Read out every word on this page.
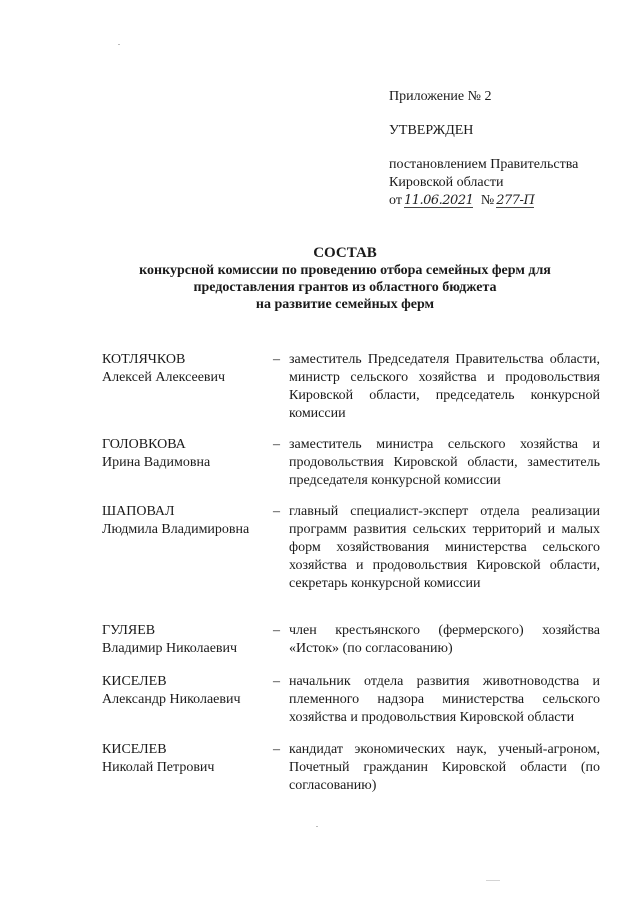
Приложение № 2
УТВЕРЖДЕН
постановлением Правительства
Кировской области
от 11.06.2021 № 277-П
СОСТАВ
конкурсной комиссии по проведению отбора семейных ферм для
предоставления грантов из областного бюджета
на развитие семейных ферм
КОТЛЯЧКОВ
Алексей Алексеевич
– заместитель Председателя Правительства области, министр сельского хозяйства и продовольствия Кировской области, председатель конкурсной комиссии
ГОЛОВКОВА
Ирина Вадимовна
– заместитель министра сельского хозяйства и продовольствия Кировской области, заместитель председателя конкурсной комиссии
ШАПОВАЛ
Людмила Владимировна
– главный специалист-эксперт отдела реализации программ развития сельских территорий и малых форм хозяйствования министерства сельского хозяйства и продовольствия Кировской области, секретарь конкурсной комиссии
ГУЛЯЕВ
Владимир Николаевич
– член крестьянского (фермерского) хозяйства «Исток» (по согласованию)
КИСЕЛЕВ
Александр Николаевич
– начальник отдела развития животноводства и племенного надзора министерства сельского хозяйства и продовольствия Кировской области
КИСЕЛЕВ
Николай Петрович
– кандидат экономических наук, ученый-агроном, Почетный гражданин Кировской области (по согласованию)
